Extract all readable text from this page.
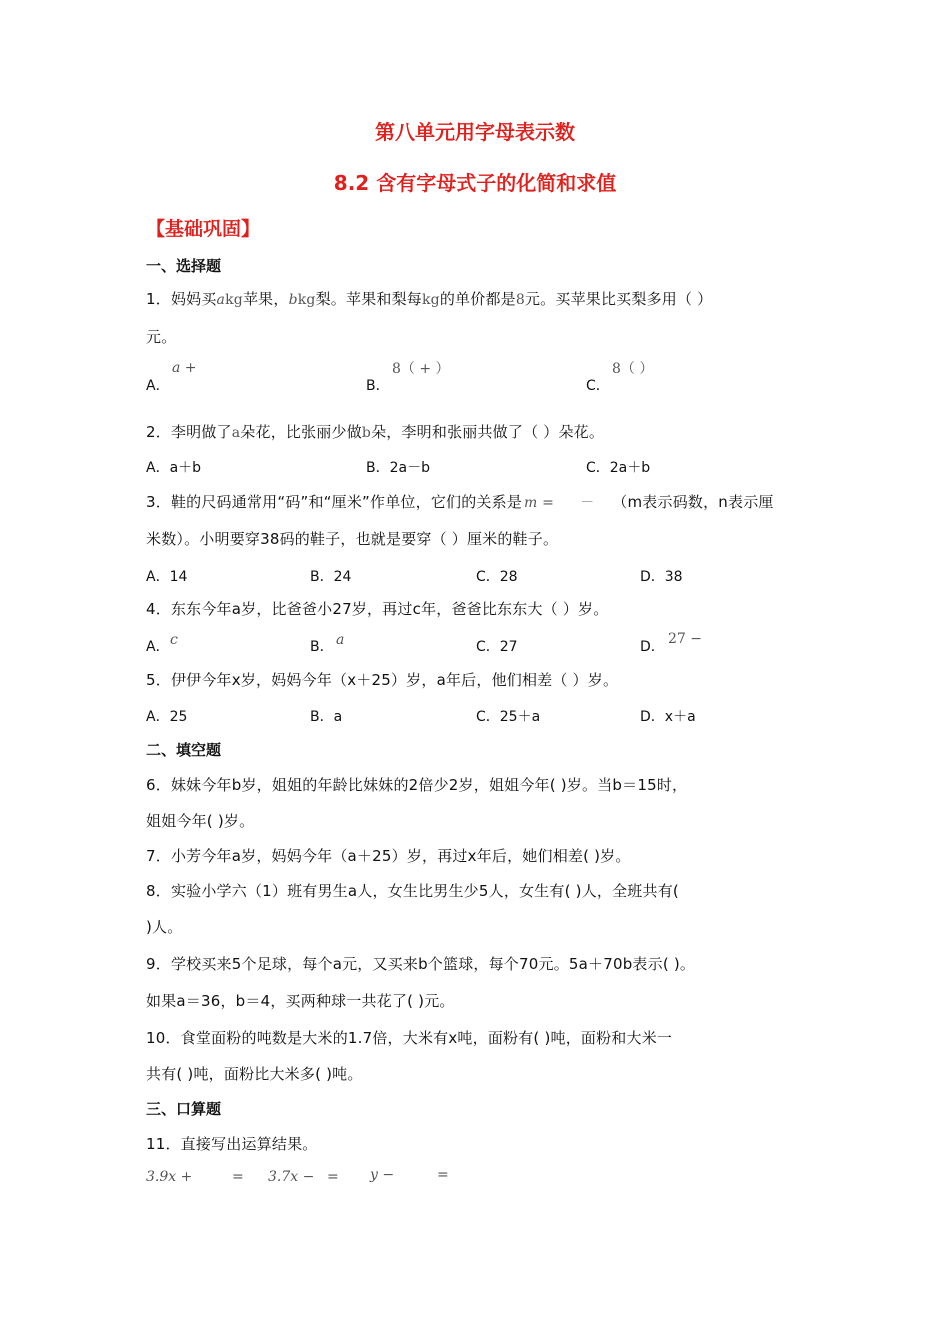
第八单元用字母表示数
8.2 含有字母式子的化简和求值
【基础巩固】
一、选择题
1．妈妈买akg苹果，bkg梨。苹果和梨每kg的单价都是8元。买苹果比买梨多用（ ）
元。
A．
a +
B．
8（ + ）
C．
8（ ）
2．李明做了a朵花，比张丽少做b朵，李明和张丽共做了（ ）朵花。
A．a＋b	B．2a－b	C．2a＋b
3．鞋的尺码通常用“码”和“厘米”作单位，它们的关系是 m = － （m表示码数，n表示厘
米数）。小明要穿38码的鞋子，也就是要穿（ ）厘米的鞋子。
A．14	B．24	C．28	D．38
4．东东今年a岁，比爸爸小27岁，再过c年，爸爸比东东大（ ）岁。
A． c	B． a	C．27	D． 27 −
5．伊伊今年x岁，妈妈今年（x＋25）岁，a年后，他们相差（ ）岁。
A．25	B．a	C．25＋a	D．x＋a
二、填空题
6．妹妹今年b岁，姐姐的年龄比妹妹的2倍少2岁，姐姐今年( )岁。当b＝15时，
姐姐今年( )岁。
7．小芳今年a岁，妈妈今年（a＋25）岁，再过x年后，她们相差( )岁。
8．实验小学六（1）班有男生a人，女生比男生少5人，女生有( )人，全班共有(
)人。
9．学校买来5个足球，每个a元，又买来b个篮球，每个70元。5a＋70b表示( )。
如果a＝36，b＝4，买两种球一共花了( )元。
10．食堂面粉的吨数是大米的1.7倍，大米有x吨，面粉有( )吨，面粉和大米一
共有( )吨，面粉比大米多( )吨。
三、口算题
11．直接写出运算结果。
3.9x +	= 3.7x − = y −	=
